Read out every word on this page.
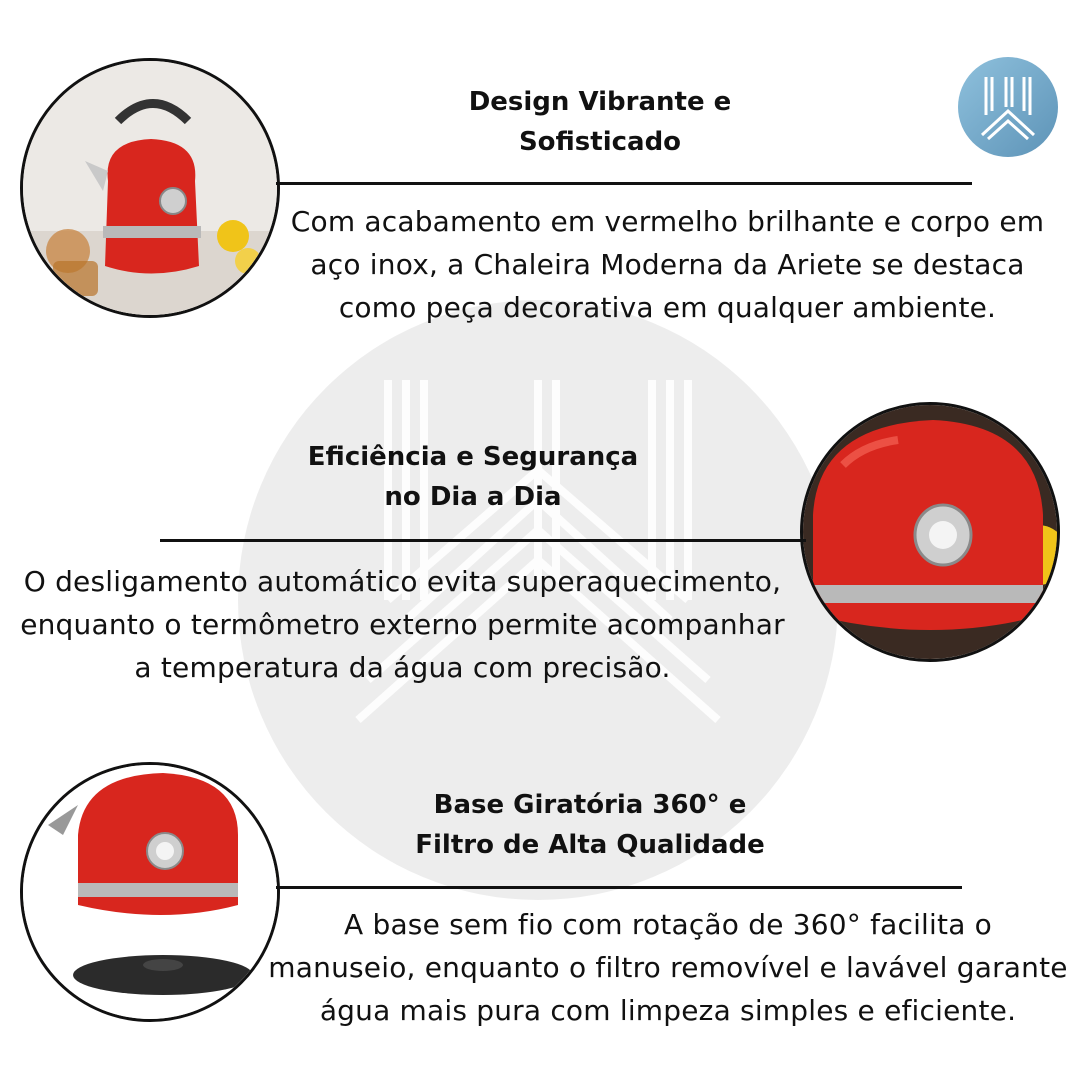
Design Vibrante e
Sofisticado
Com acabamento em vermelho brilhante e corpo em
aço inox, a Chaleira Moderna da Ariete se destaca
como peça decorativa em qualquer ambiente.
Eficiência e Segurança
no Dia a Dia
O desligamento automático evita superaquecimento,
enquanto o termômetro externo permite acompanhar
a temperatura da água com precisão.
Base Giratória 360° e
Filtro de Alta Qualidade
A base sem fio com rotação de 360° facilita o
manuseio, enquanto o filtro removível e lavável garante
água mais pura com limpeza simples e eficiente.
